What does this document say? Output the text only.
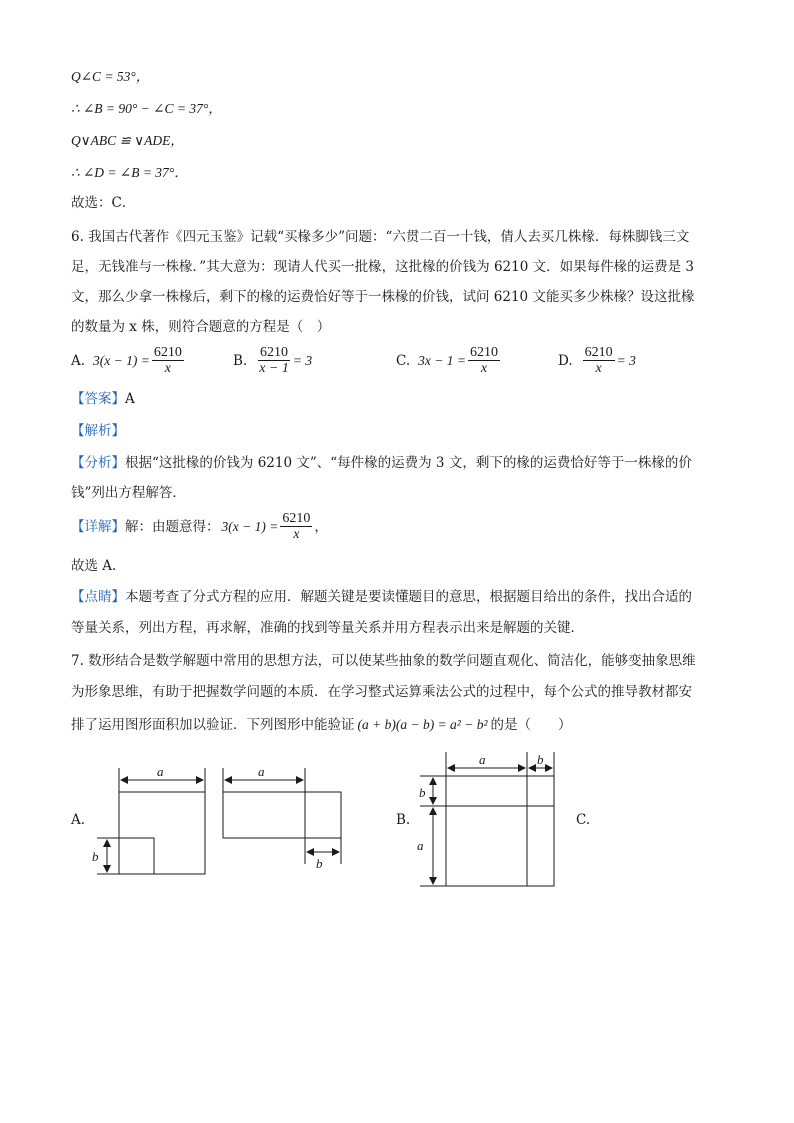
Q∠C = 53°，
∴ ∠B = 90° − ∠C = 37°，
Q∨ABC ≌ ∨ADE，
∴ ∠D = ∠B = 37°．
故选：C．
6. 我国古代著作《四元玉鉴》记载“买椽多少”问题：“六贯二百一十钱，倩人去买几株椽．每株脚钱三文
足，无钱准与一株椽．”其大意为：现请人代买一批椽，这批椽的价钱为 6210 文．如果每件椽的运费是 3
文，那么少拿一株椽后，剩下的椽的运费恰好等于一株椽的价钱，试问 6210 文能买多少株椽？设这批椽
的数量为 x 株，则符合题意的方程是（　）
A. $3(x - 1) = \frac{6210}{x}$	B. $\frac{6210}{x - 1} = 3$	C. $3x - 1 = \frac{6210}{x}$	D. $\frac{6210}{x} = 3$
【答案】A
【解析】
【分析】根据“这批椽的价钱为 6210 文”、“每件椽的运费为 3 文，剩下的椽的运费恰好等于一株椽的价
钱”列出方程解答．
【详解】 解：由题意得： $3(x - 1) = \frac{6210}{x}$ ，
故选 A.
【点睛】本题考查了分式方程的应用．解题关键是要读懂题目的意思，根据题目给出的条件，找出合适的
等量关系，列出方程，再求解，准确的找到等量关系并用方程表示出来是解题的关键．
7. 数形结合是数学解题中常用的思想方法，可以使某些抽象的数学问题直观化、简洁化，能够变抽象思维
为形象思维，有助于把握数学问题的本质．在学习整式运算乘法公式的过程中，每个公式的推导教材都安
排了运用图形面积加以验证．下列图形中能验证 (a + b)(a − b) = a² − b² 的是（　　）
A.	B.	C.
a
b
a
b
a	b
b
a
